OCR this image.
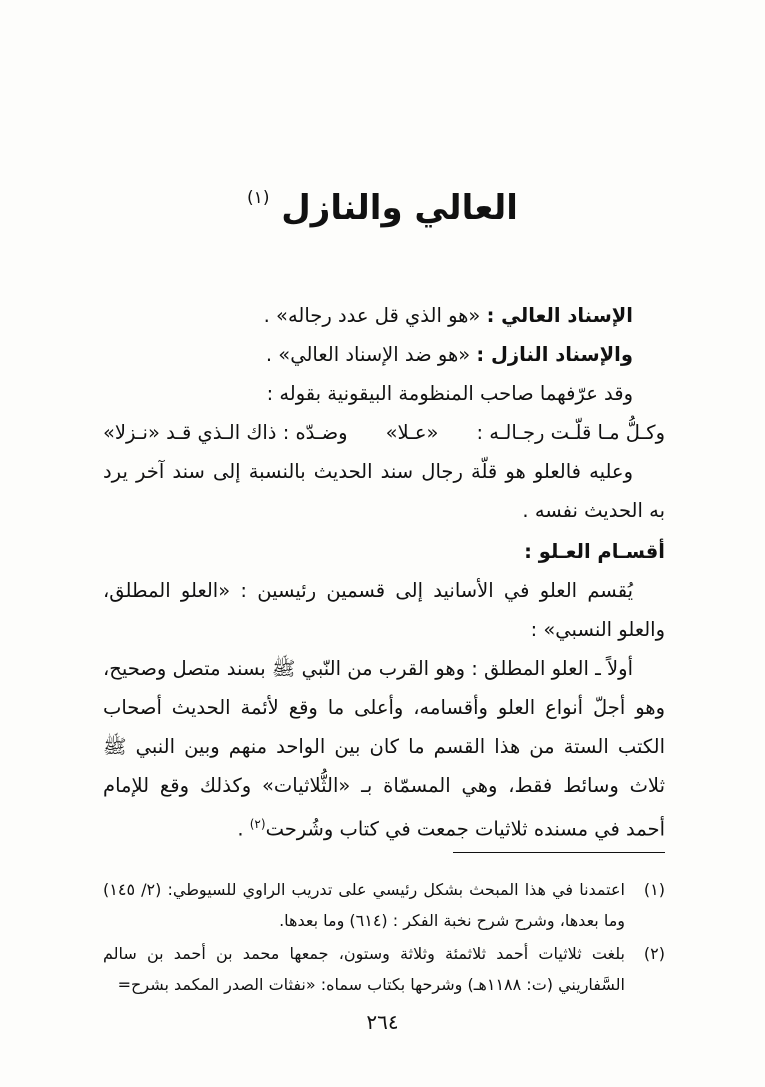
العالي والنازل $^{(١)}$

الإسناد العالي : «هو الذي قل عدد رجاله» .

والإسناد النازل : «هو ضد الإسناد العالي» .

وقد عرّفهما صاحب المنظومة البيقونية بقوله :

وكـلُّ مـا قلّـت رجـالـه :
«عـلا»
وضـدّه : ذاك الـذي قـد «نـزلا»

وعليه فالعلو هو قلّة رجال سند الحديث بالنسبة إلى سند آخر يرد به الحديث نفسه .

أقسـام العـلو :

يُقسم العلو في الأسانيد إلى قسمين رئيسين : «العلو المطلق، والعلو النسبي» :

أولاً ـ العلو المطلق : وهو القرب من النّبي ﷺ بسند متصل وصحيح، وهو أجلّ أنواع العلو وأقسامه، وأعلى ما وقع لأئمة الحديث أصحاب الكتب الستة من هذا القسم ما كان بين الواحد منهم وبين النبي ﷺ ثلاث وسائط فقط، وهي المسمّاة بـ «الثُّلاثيات» وكذلك وقع للإمام أحمد في مسنده ثلاثيات جمعت في كتاب وشُرحت$^{(٢)}$ .

(١)
اعتمدنا في هذا المبحث بشكل رئيسي على تدريب الراوي للسيوطي: (٢/ ١٤٥) وما بعدها، وشرح شرح نخبة الفكر : (٦١٤) وما بعدها.
(٢)
بلغت ثلاثيات أحمد ثلاثمئة وثلاثة وستون، جمعها محمد بن أحمد بن سالم السَّفاريني (ت: ١١٨٨هـ) وشرحها بكتاب سماه: «نفثات الصدر المكمد بشرح=
٢٦٤
